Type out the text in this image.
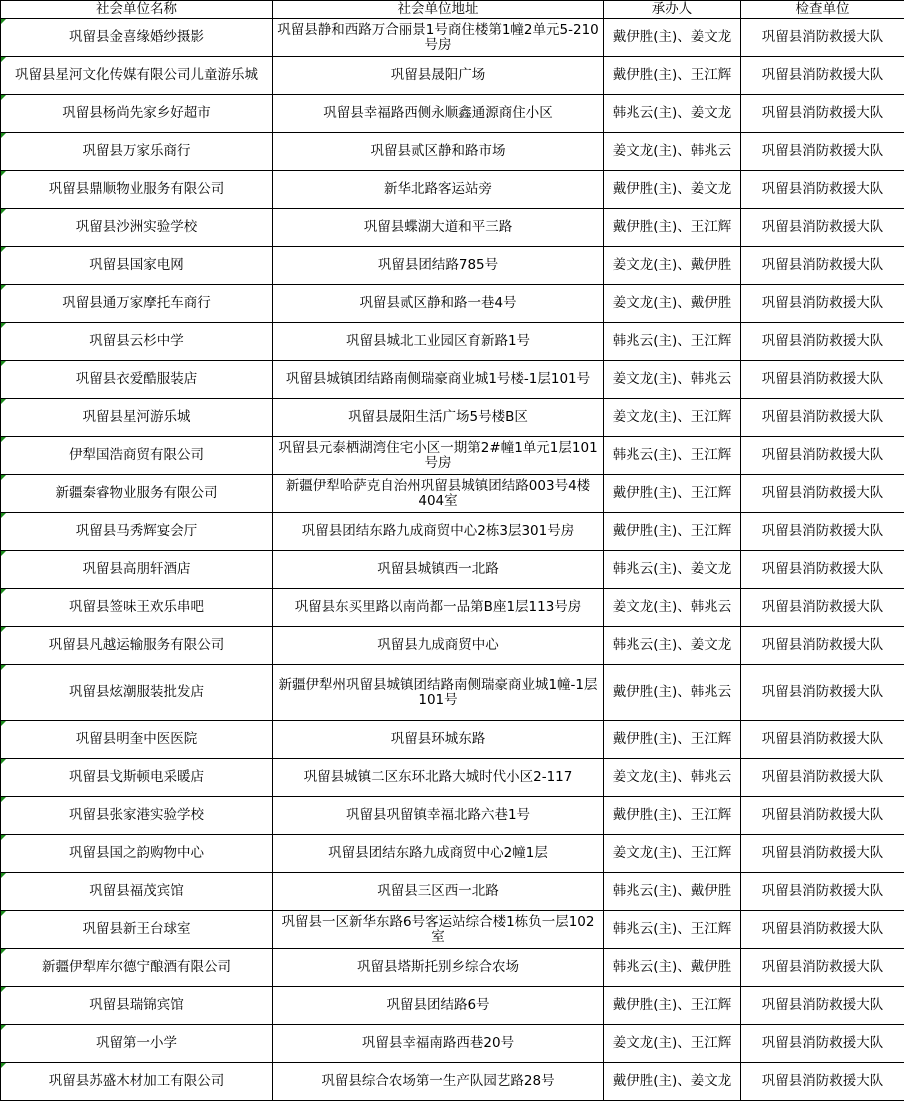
社会单位名称	社会单位地址	承办人	检查单位
巩留县金喜缘婚纱摄影	巩留县静和西路万合丽景1号商住楼第1幢2单元5-210号房	戴伊胜(主)、姜文龙	巩留县消防救援大队
巩留县星河文化传媒有限公司儿童游乐城	巩留县晟阳广场	戴伊胜(主)、王江辉	巩留县消防救援大队
巩留县杨尚先家乡好超市	巩留县幸福路西侧永顺鑫通源商住小区	韩兆云(主)、姜文龙	巩留县消防救援大队
巩留县万家乐商行	巩留县贰区静和路市场	姜文龙(主)、韩兆云	巩留县消防救援大队
巩留县鼎顺物业服务有限公司	新华北路客运站旁	戴伊胜(主)、姜文龙	巩留县消防救援大队
巩留县沙洲实验学校	巩留县蝶湖大道和平三路	戴伊胜(主)、王江辉	巩留县消防救援大队
巩留县国家电网	巩留县团结路785号	姜文龙(主)、戴伊胜	巩留县消防救援大队
巩留县通万家摩托车商行	巩留县贰区静和路一巷4号	姜文龙(主)、戴伊胜	巩留县消防救援大队
巩留县云杉中学	巩留县城北工业园区育新路1号	韩兆云(主)、王江辉	巩留县消防救援大队
巩留县衣爱酷服装店	巩留县城镇团结路南侧瑞豪商业城1号楼-1层101号	姜文龙(主)、韩兆云	巩留县消防救援大队
巩留县星河游乐城	巩留县晟阳生活广场5号楼B区	姜文龙(主)、王江辉	巩留县消防救援大队
伊犁国浩商贸有限公司	巩留县元泰栖湖湾住宅小区一期第2#幢1单元1层101号房	韩兆云(主)、王江辉	巩留县消防救援大队
新疆秦睿物业服务有限公司	新疆伊犁哈萨克自治州巩留县城镇团结路003号4楼404室	戴伊胜(主)、王江辉	巩留县消防救援大队
巩留县马秀辉宴会厅	巩留县团结东路九成商贸中心2栋3层301号房	戴伊胜(主)、王江辉	巩留县消防救援大队
巩留县高朋轩酒店	巩留县城镇西一北路	韩兆云(主)、姜文龙	巩留县消防救援大队
巩留县签味王欢乐串吧	巩留县东买里路以南尚都一品第B座1层113号房	姜文龙(主)、韩兆云	巩留县消防救援大队
巩留县凡越运输服务有限公司	巩留县九成商贸中心	韩兆云(主)、姜文龙	巩留县消防救援大队
巩留县炫潮服装批发店	新疆伊犁州巩留县城镇团结路南侧瑞豪商业城1幢-1层101号	戴伊胜(主)、韩兆云	巩留县消防救援大队
巩留县明奎中医医院	巩留县环城东路	戴伊胜(主)、王江辉	巩留县消防救援大队
巩留县戈斯顿电采暖店	巩留县城镇二区东环北路大城时代小区2-117	姜文龙(主)、韩兆云	巩留县消防救援大队
巩留县张家港实验学校	巩留县巩留镇幸福北路六巷1号	戴伊胜(主)、王江辉	巩留县消防救援大队
巩留县国之韵购物中心	巩留县团结东路九成商贸中心2幢1层	姜文龙(主)、王江辉	巩留县消防救援大队
巩留县福茂宾馆	巩留县三区西一北路	韩兆云(主)、戴伊胜	巩留县消防救援大队
巩留县新王台球室	巩留县一区新华东路6号客运站综合楼1栋负一层102室	韩兆云(主)、王江辉	巩留县消防救援大队
新疆伊犁库尔德宁酿酒有限公司	巩留县塔斯托别乡综合农场	韩兆云(主)、戴伊胜	巩留县消防救援大队
巩留县瑞锦宾馆	巩留县团结路6号	戴伊胜(主)、王江辉	巩留县消防救援大队
巩留第一小学	巩留县幸福南路西巷20号	姜文龙(主)、王江辉	巩留县消防救援大队
巩留县苏盛木材加工有限公司	巩留县综合农场第一生产队园艺路28号	戴伊胜(主)、姜文龙	巩留县消防救援大队
